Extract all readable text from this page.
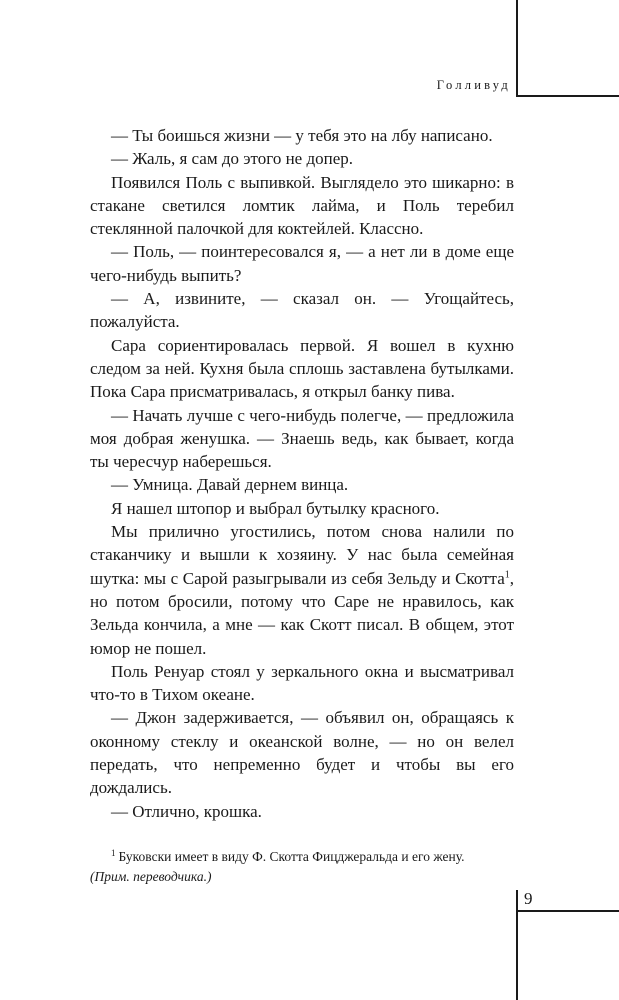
Голливуд

— Ты боишься жизни — у тебя это на лбу написано.

— Жаль, я сам до этого не допер.

Появился Поль с выпивкой. Выглядело это шикарно: в стакане светился ломтик лайма, и Поль теребил стеклянной палочкой для коктейлей. Классно.

— Поль, — поинтересовался я, — а нет ли в доме еще чего-нибудь выпить?

— А, извините, — сказал он. — Угощайтесь, пожалуйста.

Сара сориентировалась первой. Я вошел в кухню следом за ней. Кухня была сплошь заставлена бутылками. Пока Сара присматривалась, я открыл банку пива.

— Начать лучше с чего-нибудь полегче, — предложила моя добрая женушка. — Знаешь ведь, как бывает, когда ты чересчур наберешься.

— Умница. Давай дернем винца.

Я нашел штопор и выбрал бутылку красного.

Мы прилично угостились, потом снова налили по стаканчику и вышли к хозяину. У нас была семейная шутка: мы с Сарой разыгрывали из себя Зельду и Скотта$^1$, но потом бросили, потому что Саре не нравилось, как Зельда кончила, а мне — как Скотт писал. В общем, этот юмор не пошел.

Поль Ренуар стоял у зеркального окна и высматривал что-то в Тихом океане.

— Джон задерживается, — объявил он, обращаясь к оконному стеклу и океанской волне, — но он велел передать, что непременно будет и чтобы вы его дождались.

— Отлично, крошка.

$^1$ Буковски имеет в виду Ф. Скотта Фицджеральда и его жену.
(Прим. переводчика.)
9
